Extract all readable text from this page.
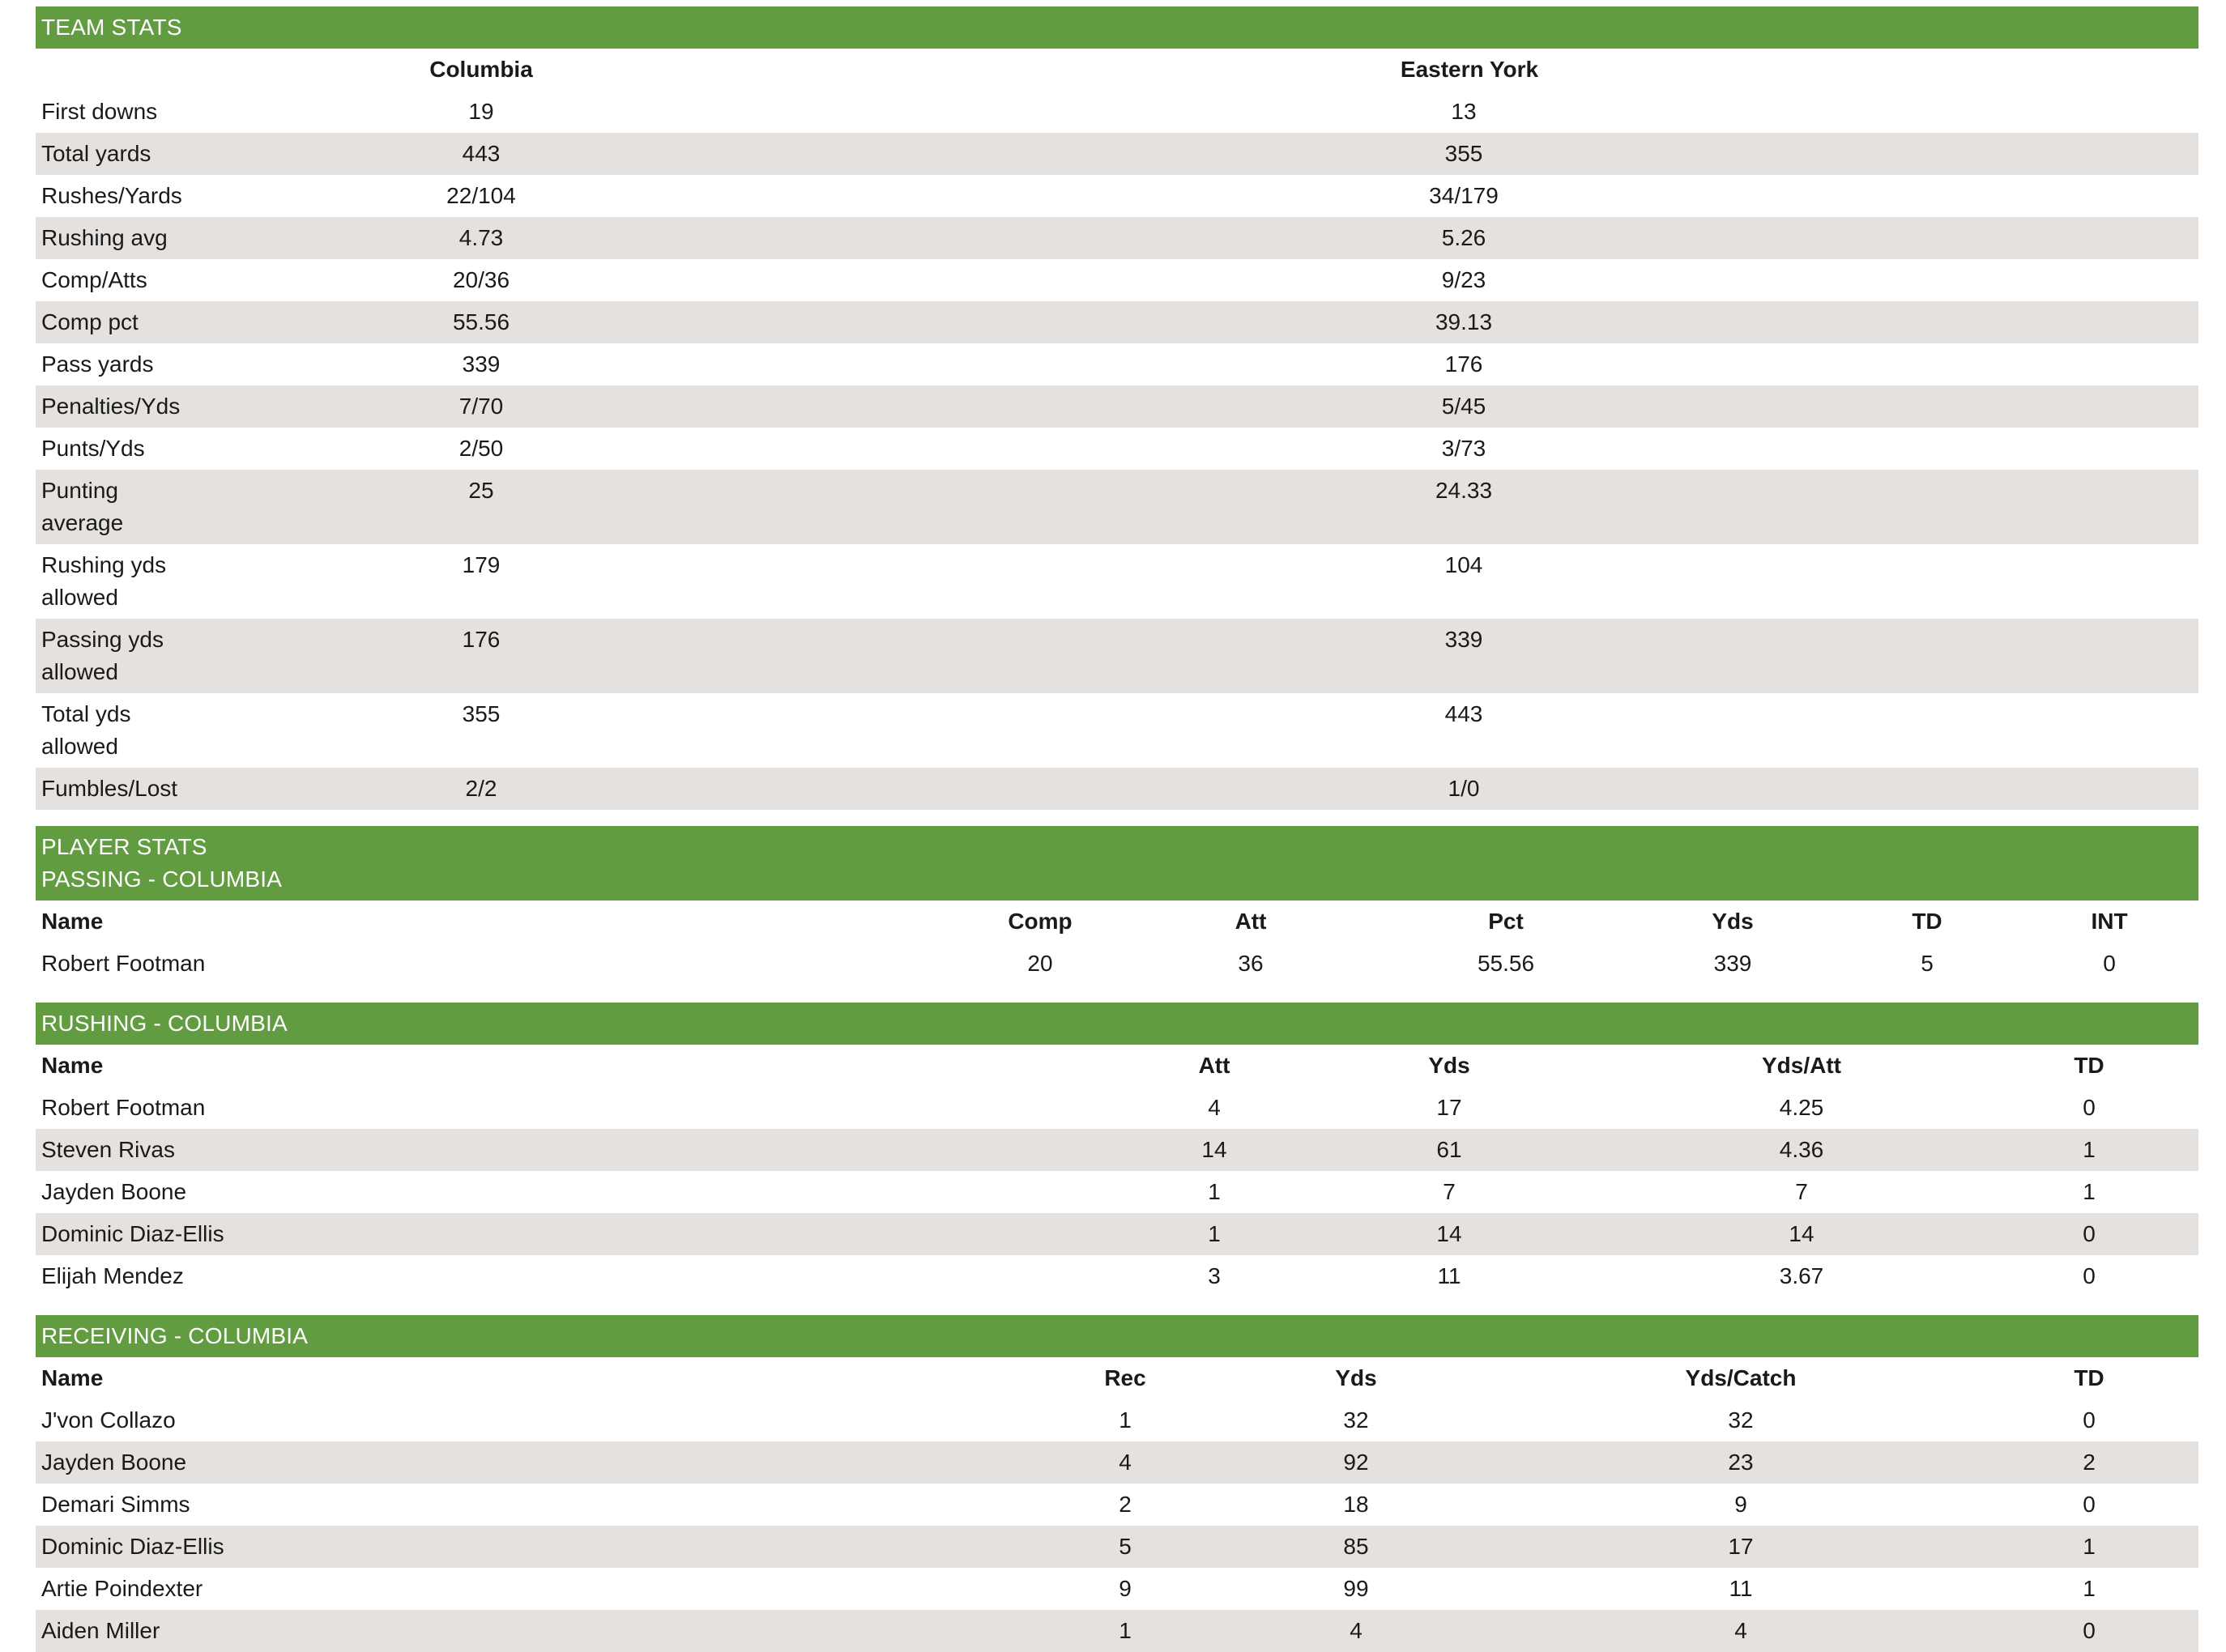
TEAM STATS
	Columbia	Eastern York	
First downs	19	13	
Total yards	443	355	
Rushes/Yards	22/104	34/179	
Rushing avg	4.73	5.26	
Comp/Atts	20/36	9/23	
Comp pct	55.56	39.13	
Pass yards	339	176	
Penalties/Yds	7/70	5/45	
Punts/Yds	2/50	3/73	
Punting average	25	24.33	
Rushing yds allowed	179	104	
Passing yds allowed	176	339	
Total yds allowed	355	443	
Fumbles/Lost	2/2	1/0	
PLAYER STATS
PASSING - COLUMBIA
Name	Comp	Att	Pct	Yds	TD	INT
Robert Footman	20	36	55.56	339	5	0
RUSHING - COLUMBIA
Name	Att	Yds	Yds/Att	TD
Robert Footman	4	17	4.25	0
Steven Rivas	14	61	4.36	1
Jayden Boone	1	7	7	1
Dominic Diaz-Ellis	1	14	14	0
Elijah Mendez	3	11	3.67	0
RECEIVING - COLUMBIA
Name	Rec	Yds	Yds/Catch	TD
J'von Collazo	1	32	32	0
Jayden Boone	4	92	23	2
Demari Simms	2	18	9	0
Dominic Diaz-Ellis	5	85	17	1
Artie Poindexter	9	99	11	1
Aiden Miller	1	4	4	0
